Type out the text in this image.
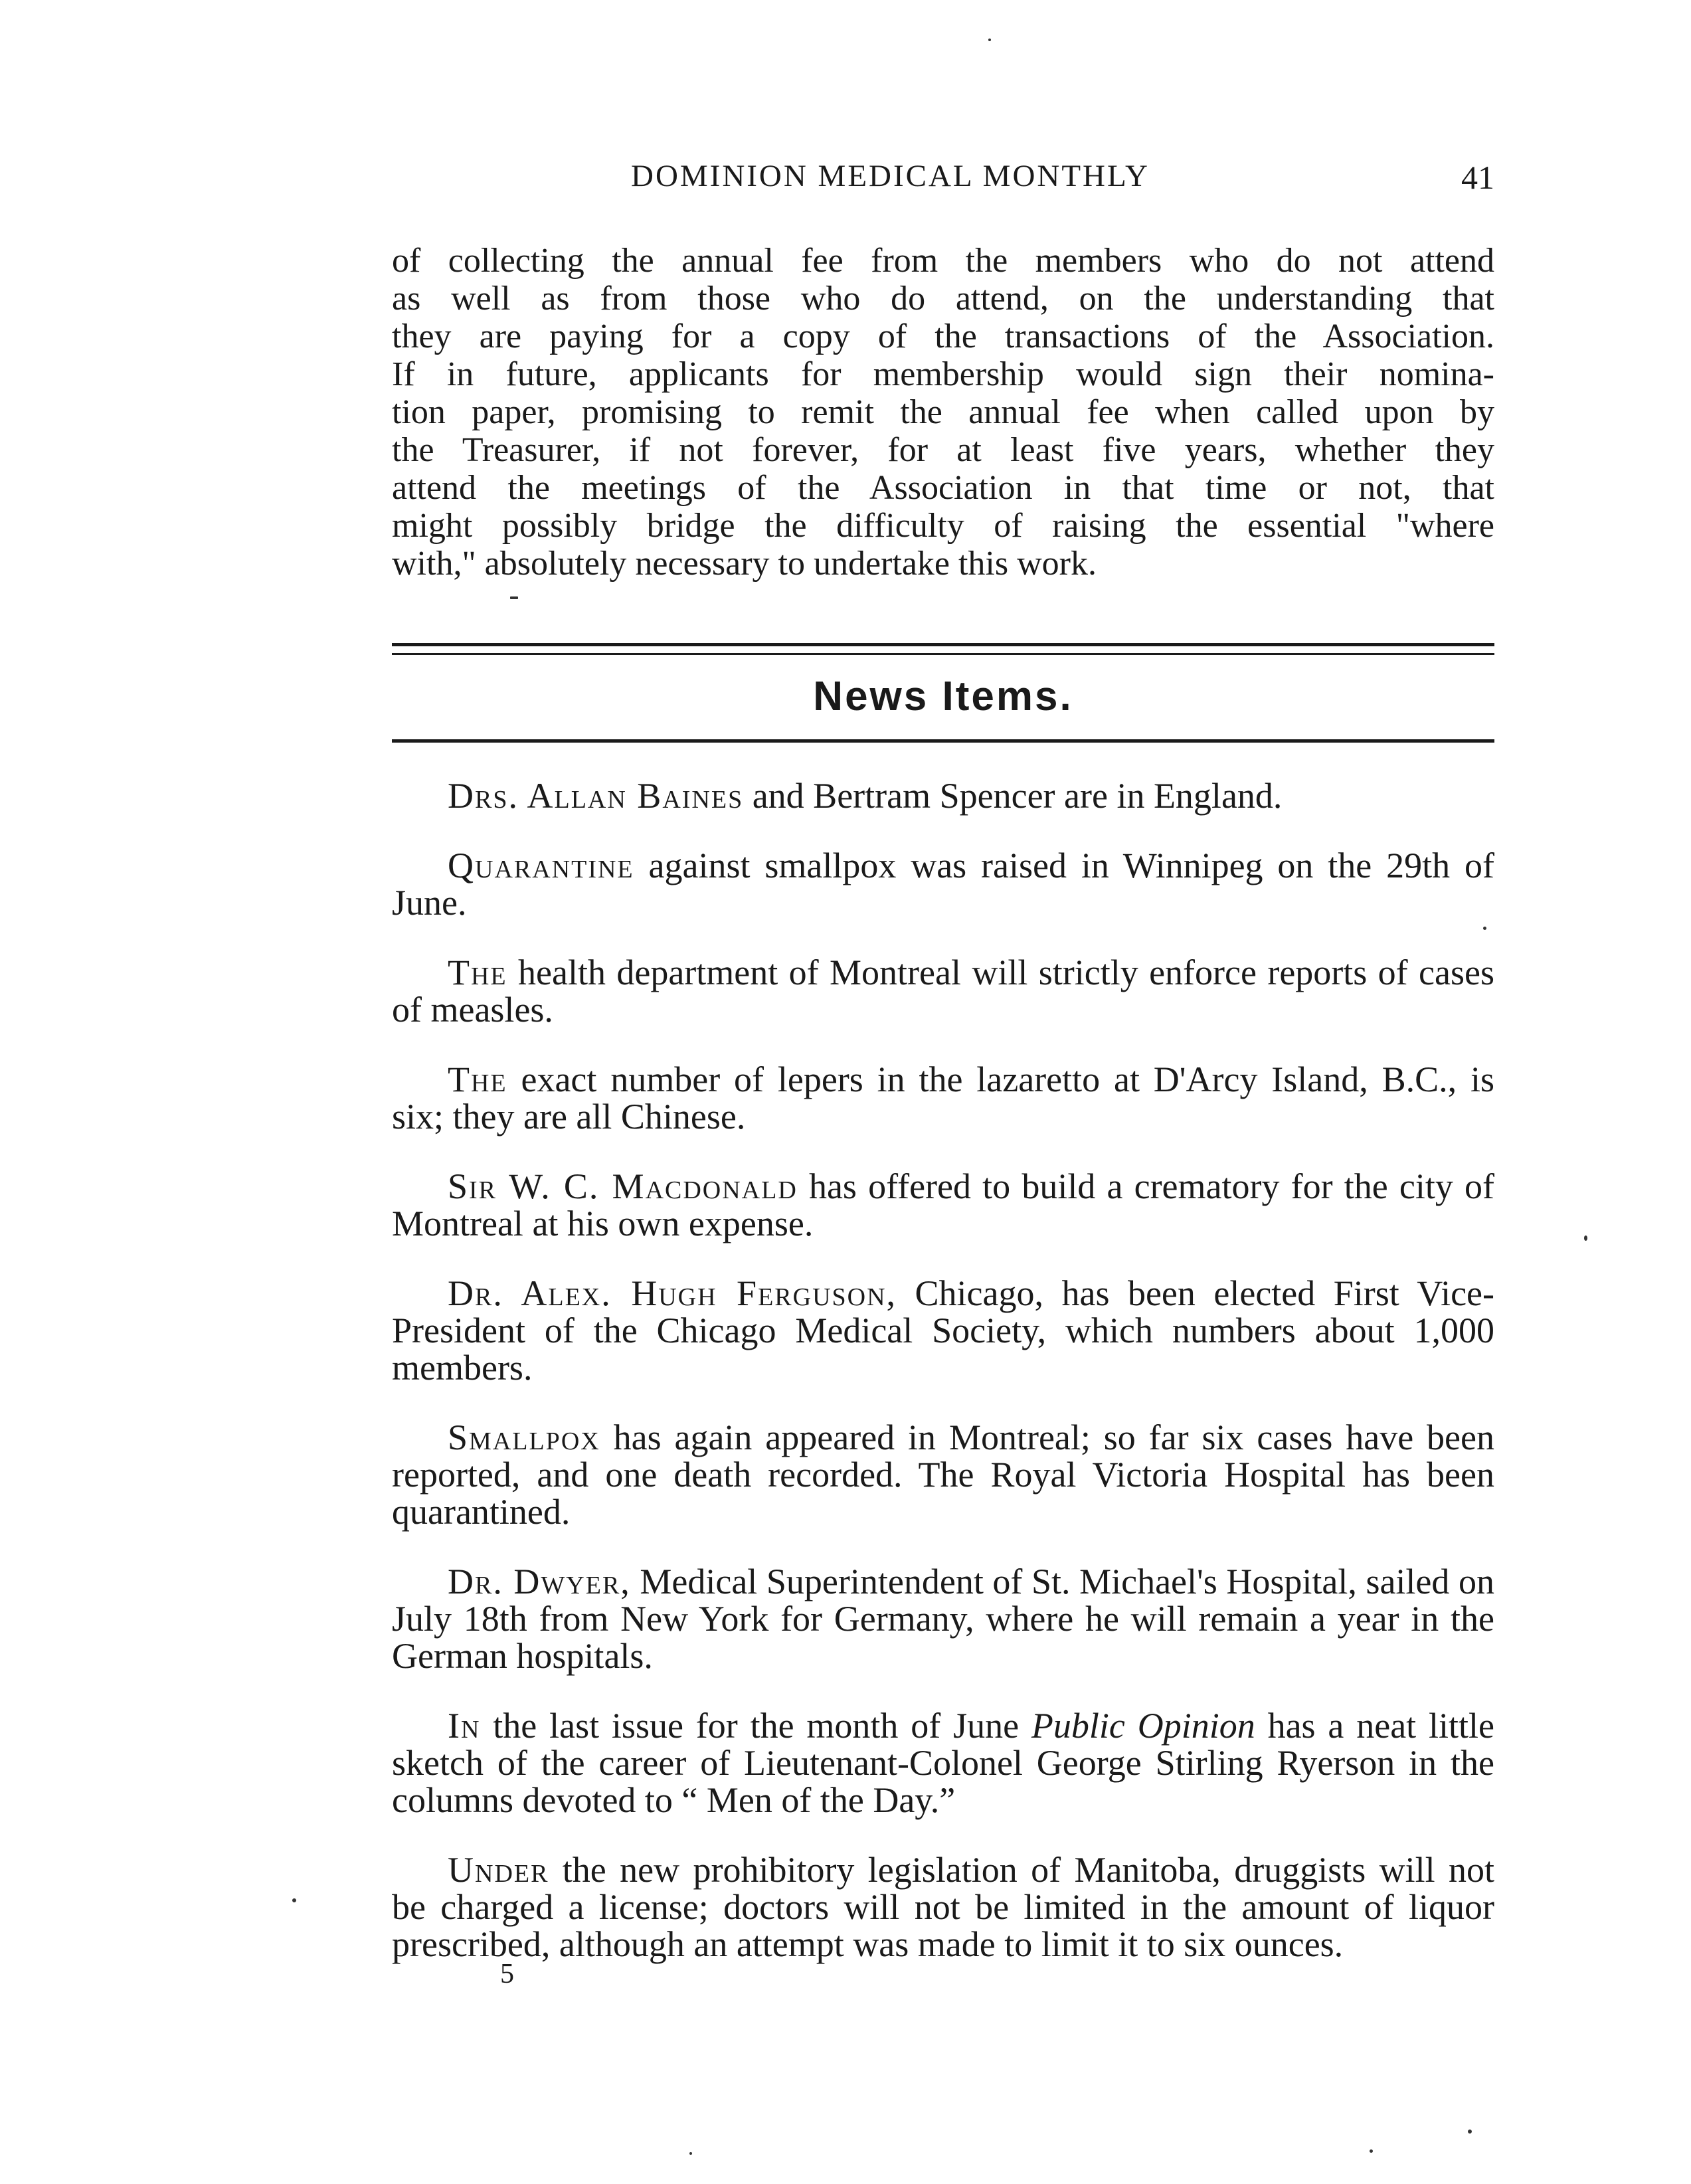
DOMINION MEDICAL MONTHLY	41
of collecting the annual fee from the members who do not attend
as well as from those who do attend, on the understanding that
they are paying for a copy of the transactions of the Association.
If in future, applicants for membership would sign their nomina-
tion paper, promising to remit the annual fee when called upon by
the Treasurer, if not forever, for at least five years, whether they
attend the meetings of the Association in that time or not, that
might possibly bridge the difficulty of raising the essential "where
with," absolutely necessary to undertake this work.
News Items.
Drs. Allan Baines and Bertram Spencer are in England.
Quarantine against smallpox was raised in Winnipeg on the 29th of June.
The health department of Montreal will strictly enforce reports of cases of measles.
The exact number of lepers in the lazaretto at D'Arcy Island, B.C., is six; they are all Chinese.
Sir W. C. Macdonald has offered to build a crematory for the city of Montreal at his own expense.
Dr. Alex. Hugh Ferguson, Chicago, has been elected First Vice-President of the Chicago Medical Society, which numbers about 1,000 members.
Smallpox has again appeared in Montreal; so far six cases have been reported, and one death recorded. The Royal Victoria Hospital has been quarantined.
Dr. Dwyer, Medical Superintendent of St. Michael's Hospital, sailed on July 18th from New York for Germany, where he will remain a year in the German hospitals.
In the last issue for the month of June Public Opinion has a neat little sketch of the career of Lieutenant-Colonel George Stirling Ryerson in the columns devoted to “ Men of the Day.”
Under the new prohibitory legislation of Manitoba, druggists will not be charged a license; doctors will not be limited in the amount of liquor prescribed, although an attempt was made to limit it to six ounces.
5
